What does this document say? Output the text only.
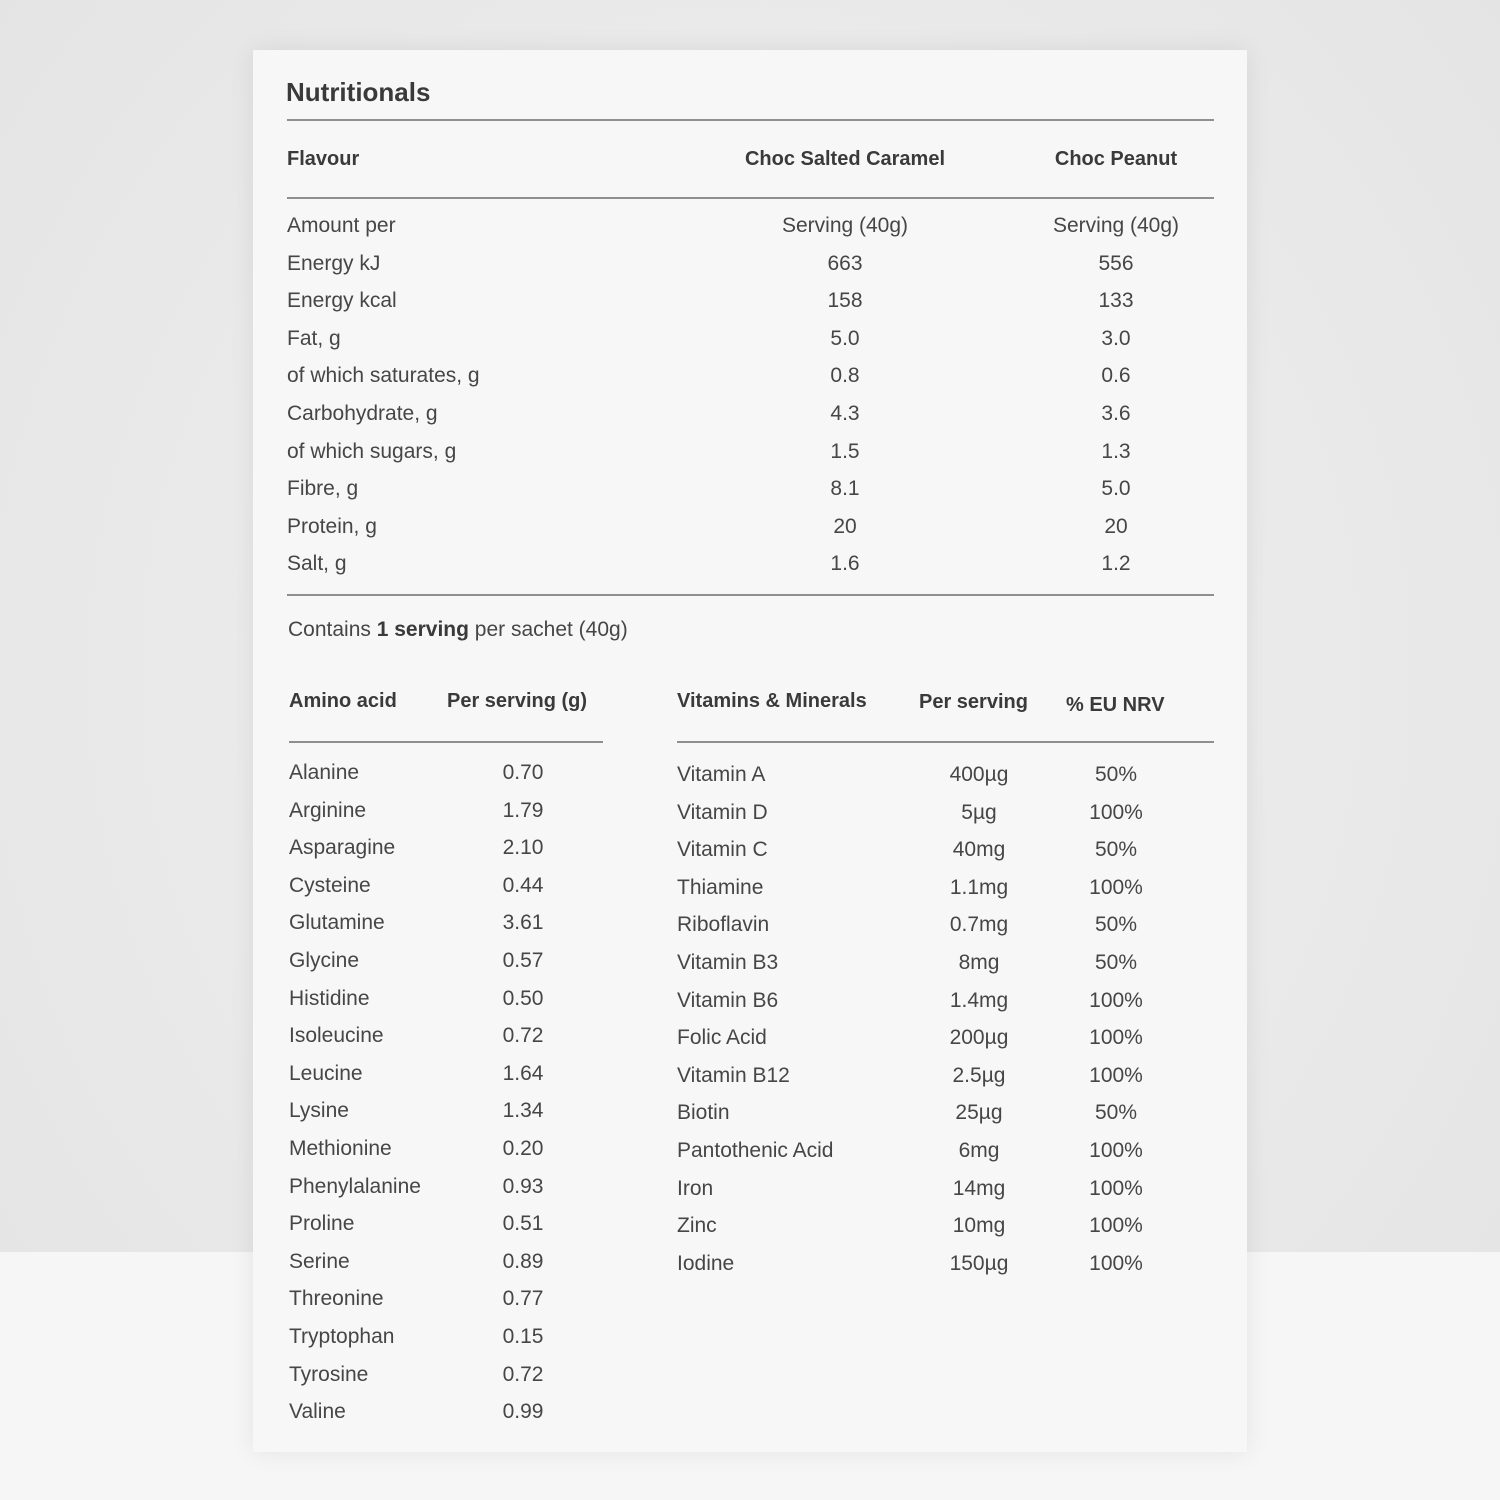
Nutritionals
Flavour	Choc Salted Caramel	Choc Peanut
Amount per	Serving (40g)	Serving (40g)
Energy kJ	663	556
Energy kcal	158	133
Fat, g	5.0	3.0
of which saturates, g	0.8	0.6
Carbohydrate, g	4.3	3.6
of which sugars, g	1.5	1.3
Fibre, g	8.1	5.0
Protein, g	20	20
Salt, g	1.6	1.2
Contains 1 serving per sachet (40g)
Amino acid	Per serving (g)
Alanine	0.70
Arginine	1.79
Asparagine	2.10
Cysteine	0.44
Glutamine	3.61
Glycine	0.57
Histidine	0.50
Isoleucine	0.72
Leucine	1.64
Lysine	1.34
Methionine	0.20
Phenylalanine	0.93
Proline	0.51
Serine	0.89
Threonine	0.77
Tryptophan	0.15
Tyrosine	0.72
Valine	0.99
Vitamins & Minerals	Per serving % EU NRV
Vitamin A	400µg	50%
Vitamin D	5µg	100%
Vitamin C	40mg	50%
Thiamine	1.1mg	100%
Riboflavin	0.7mg	50%
Vitamin B3	8mg	50%
Vitamin B6	1.4mg	100%
Folic Acid	200µg	100%
Vitamin B12	2.5µg	100%
Biotin	25µg	50%
Pantothenic Acid	6mg	100%
Iron	14mg	100%
Zinc	10mg	100%
Iodine	150µg	100%
